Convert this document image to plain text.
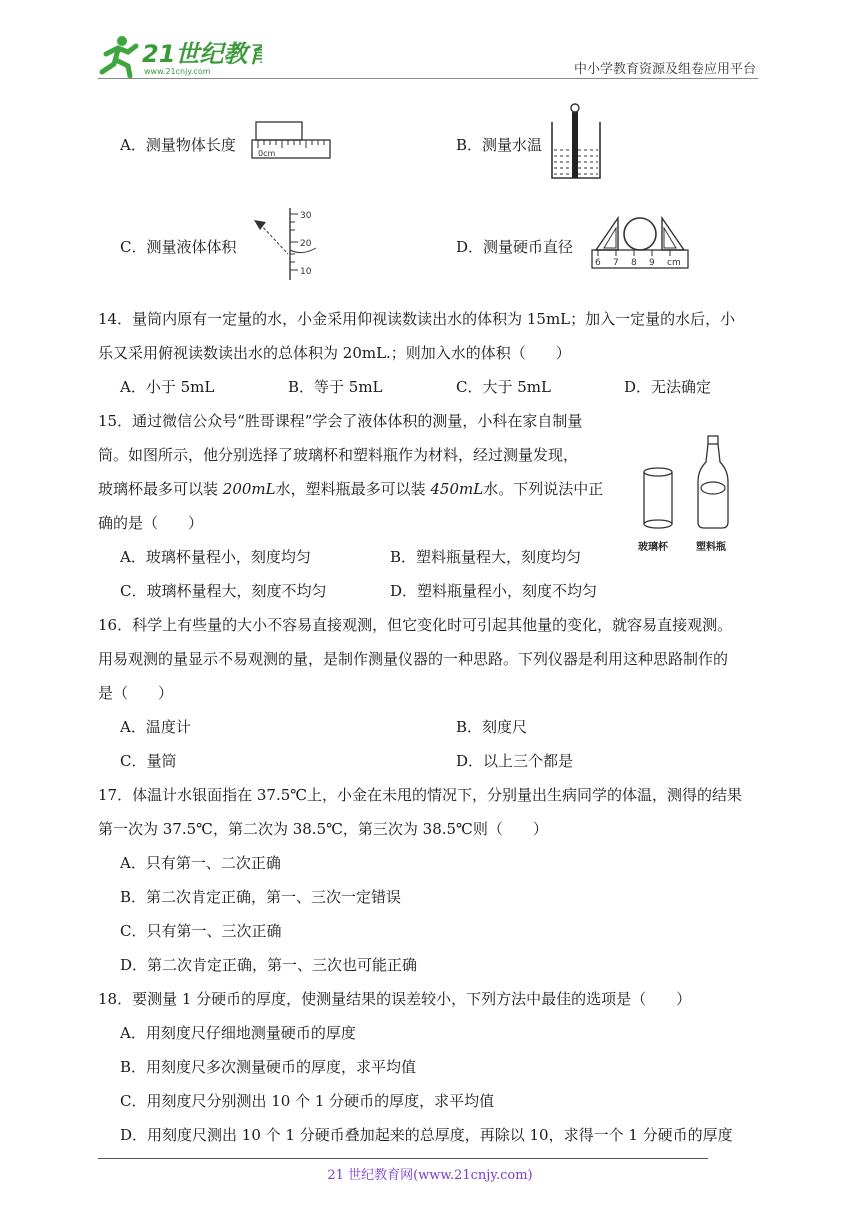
21世纪教育
www.21cnjy.com	中小学教育资源及组卷应用平台
A．测量物体长度	0cm	B．测量水温
C．测量液体体积
30
20
10
D．测量硬币直径
6 7 8 9 cm
14．量筒内原有一定量的水，小金采用仰视读数读出水的体积为 15mL；加入一定量的水后，小
乐又采用俯视读数读出水的总体积为 20mL.；则加入水的体积（　　）
A．小于 5mL	B．等于 5mL	C．大于 5mL	D．无法确定
15．通过微信公众号“胜哥课程”学会了液体体积的测量，小科在家自制量
筒。如图所示，他分别选择了玻璃杯和塑料瓶作为材料，经过测量发现，
玻璃杯最多可以装 200mL水，塑料瓶最多可以装 450mL水。下列说法中正
确的是（　　）
A．玻璃杯量程小，刻度均匀	B．塑料瓶量程大，刻度均匀
C．玻璃杯量程大，刻度不均匀	D．塑料瓶量程小，刻度不均匀
玻璃杯	塑料瓶
16．科学上有些量的大小不容易直接观测，但它变化时可引起其他量的变化，就容易直接观测。
用易观测的量显示不易观测的量，是制作测量仪器的一种思路。下列仪器是利用这种思路制作的
是（　　）
A．温度计	B．刻度尺
C．量筒	D．以上三个都是
17．体温计水银面指在 37.5℃上，小金在未甩的情况下，分别量出生病同学的体温，测得的结果
第一次为 37.5℃，第二次为 38.5℃，第三次为 38.5℃则（　　）
A．只有第一、二次正确
B．第二次肯定正确，第一、三次一定错误
C．只有第一、三次正确
D．第二次肯定正确，第一、三次也可能正确
18．要测量 1 分硬币的厚度，使测量结果的误差较小，下列方法中最佳的选项是（　　）
A．用刻度尺仔细地测量硬币的厚度
B．用刻度尺多次测量硬币的厚度，求平均值
C．用刻度尺分别测出 10 个 1 分硬币的厚度，求平均值
D．用刻度尺测出 10 个 1 分硬币叠加起来的总厚度，再除以 10，求得一个 1 分硬币的厚度
21 世纪教育网(www.21cnjy.com)
